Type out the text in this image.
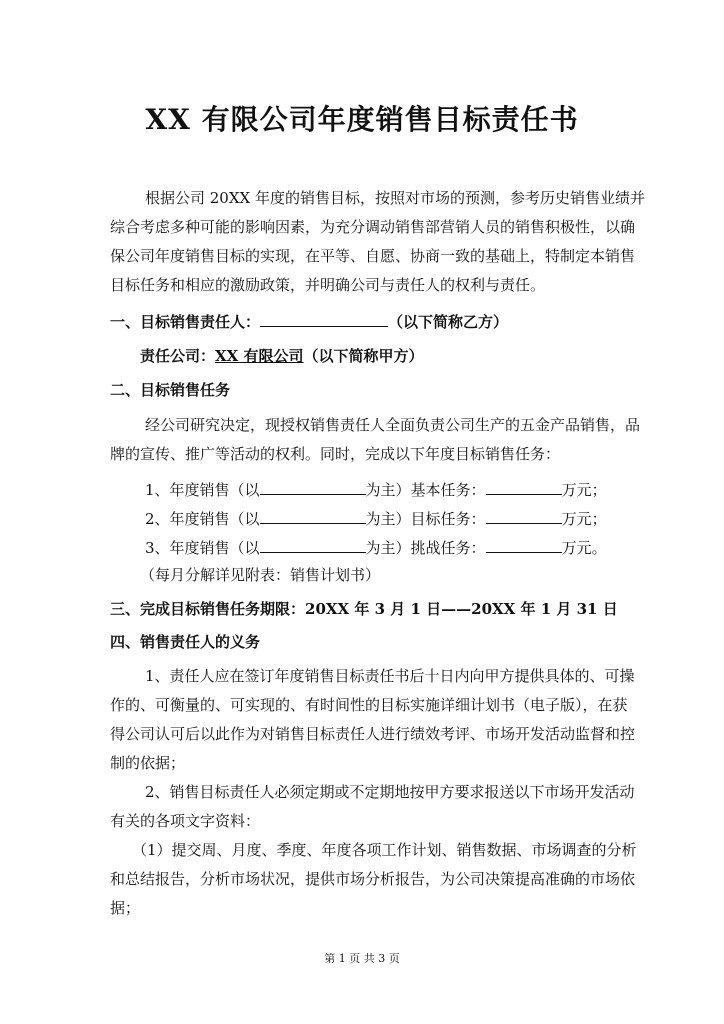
XX 有限公司年度销售目标责任书
根据公司 20XX 年度的销售目标，按照对市场的预测，参考历史销售业绩并
综合考虑多种可能的影响因素，为充分调动销售部营销人员的销售积极性，以确
保公司年度销售目标的实现，在平等、自愿、协商一致的基础上，特制定本销售
目标任务和相应的激励政策，并明确公司与责任人的权利与责任。
一、目标销售责任人：	（以下简称乙方）
责任公司：XX 有限公司（以下简称甲方）
二、目标销售任务
经公司研究决定，现授权销售责任人全面负责公司生产的五金产品销售，品
牌的宣传、推广等活动的权利。同时，完成以下年度目标销售任务：
1、年度销售（以	为主）基本任务：	万元；
2、年度销售（以	为主）目标任务：	万元；
3、年度销售（以	为主）挑战任务：	万元。
（每月分解详见附表：销售计划书）
三、完成目标销售任务期限：20XX 年 3 月 1 日——20XX 年 1 月 31 日
四、销售责任人的义务
1、责任人应在签订年度销售目标责任书后十日内向甲方提供具体的、可操
作的、可衡量的、可实现的、有时间性的目标实施详细计划书（电子版），在获
得公司认可后以此作为对销售目标责任人进行绩效考评、市场开发活动监督和控
制的依据；
2、销售目标责任人必须定期或不定期地按甲方要求报送以下市场开发活动
有关的各项文字资料：
（1）提交周、月度、季度、年度各项工作计划、销售数据、市场调查的分析
和总结报告，分析市场状况，提供市场分析报告，为公司决策提高准确的市场依
据；
第 1 页 共 3 页
